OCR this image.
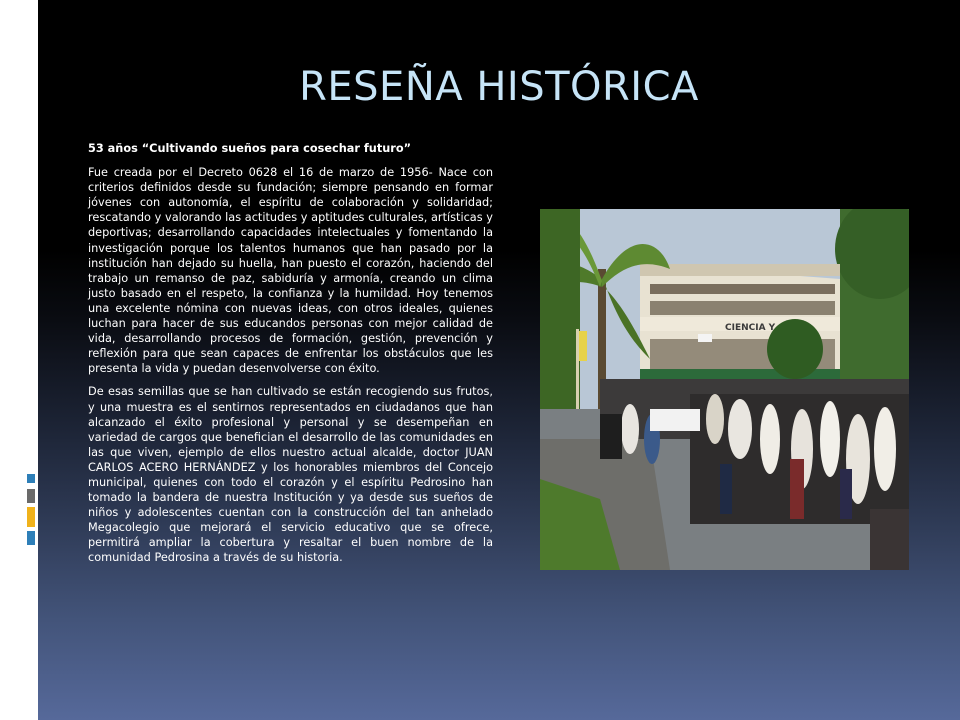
RESEÑA HISTÓRICA

53 años “Cultivando sueños para cosechar futuro”

Fue creada por el Decreto 0628 el 16 de marzo de 1956- Nace con criterios definidos desde su fundación; siempre pensando en formar jóvenes con autonomía, el espíritu de colaboración y solidaridad; rescatando y valorando las actitudes y aptitudes culturales, artísticas y deportivas; desarrollando capacidades intelectuales y fomentando la investigación porque los talentos humanos que han pasado por la institución han dejado su huella, han puesto el corazón, haciendo del trabajo un remanso de paz, sabiduría y armonía, creando un clima justo basado en el respeto, la confianza y la humildad. Hoy tenemos una excelente nómina con nuevas ideas, con otros ideales, quienes luchan para hacer de sus educandos personas con mejor calidad de vida, desarrollando procesos de formación, gestión, prevención y reflexión para que sean capaces de enfrentar los obstáculos que les presenta la vida y puedan desenvolverse con éxito.

De esas semillas que se han cultivado se están recogiendo sus frutos, y una muestra es el sentirnos representados en ciudadanos que han alcanzado el éxito profesional y personal y se desempeñan en variedad de cargos que benefician el desarrollo de las comunidades en las que viven, ejemplo de ellos nuestro actual alcalde, doctor JUAN CARLOS ACERO HERNÁNDEZ y los honorables miembros del Concejo municipal, quienes con todo el corazón y el espíritu Pedrosino han tomado la bandera de nuestra Institución y ya desde sus sueños de niños y adolescentes cuentan con la construcción del tan anhelado Megacolegio que mejorará el servicio educativo que se ofrece, permitirá ampliar la cobertura y resaltar el buen nombre de la comunidad Pedrosina a través de su historia.

CIENCIA Y
